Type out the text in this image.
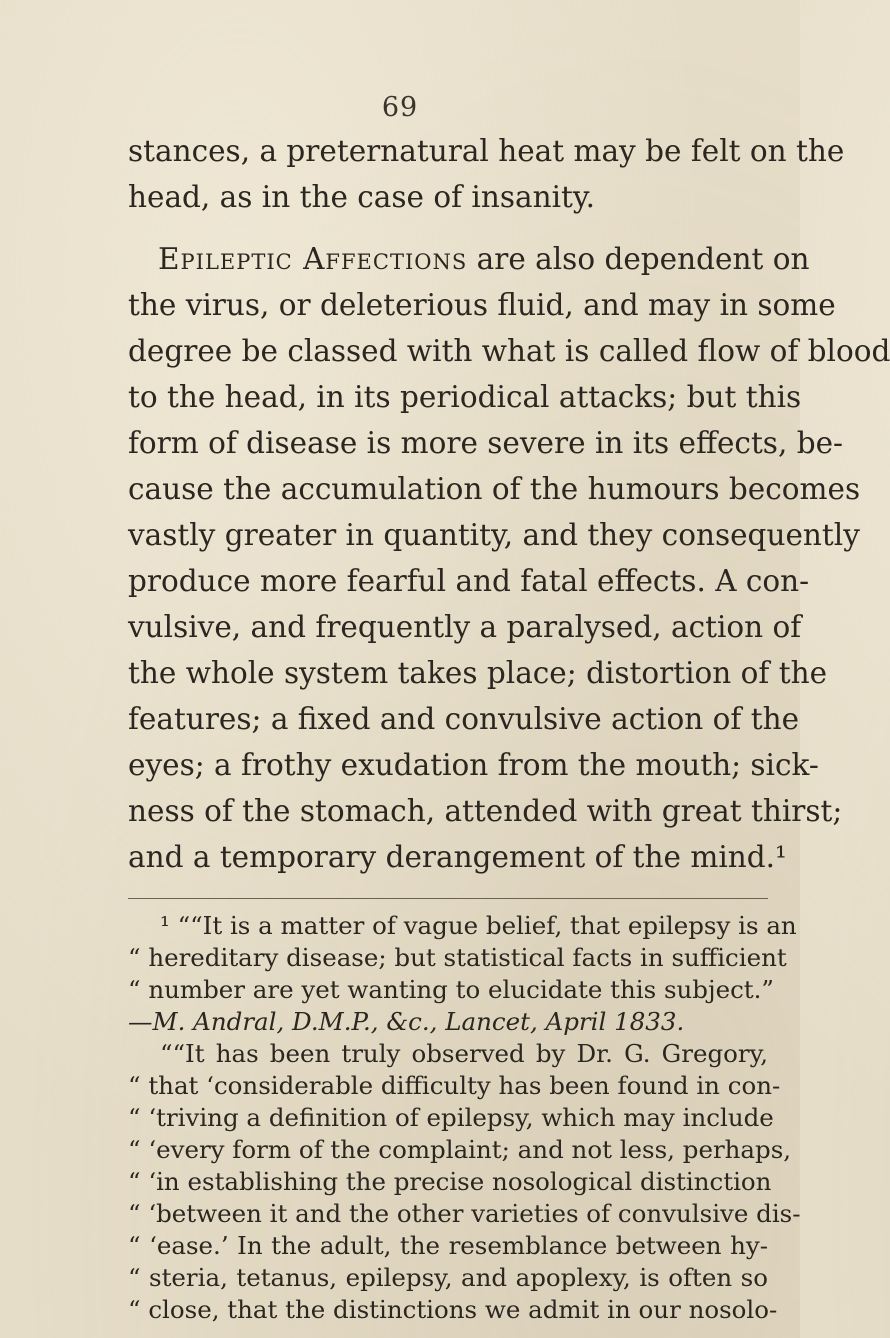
69
stances, a preternatural heat may be felt on the
head, as in the case of insanity.
Epileptic Affections are also dependent on
the virus, or deleterious fluid, and may in some
degree be classed with what is called flow of blood
to the head, in its periodical attacks; but this
form of disease is more severe in its effects, be-
cause the accumulation of the humours becomes
vastly greater in quantity, and they consequently
produce more fearful and fatal effects. A con-
vulsive, and frequently a paralysed, action of
the whole system takes place; distortion of the
features; a fixed and convulsive action of the
eyes; a frothy exudation from the mouth; sick-
ness of the stomach, attended with great thirst;
and a temporary derangement of the mind.¹
¹ ““It is a matter of vague belief, that epilepsy is an
“ hereditary disease; but statistical facts in sufficient
“ number are yet wanting to elucidate this subject.”
—M. Andral, D.M.P., &c., Lancet, April 1833.
““It has been truly observed by Dr. G. Gregory,
“ that ‘considerable difficulty has been found in con-
“ ‘triving a definition of epilepsy, which may include
“ ‘every form of the complaint; and not less, perhaps,
“ ‘in establishing the precise nosological distinction
“ ‘between it and the other varieties of convulsive dis-
“ ‘ease.’ In the adult, the resemblance between hy-
“ steria, tetanus, epilepsy, and apoplexy, is often so
“ close, that the distinctions we admit in our nosolo-
